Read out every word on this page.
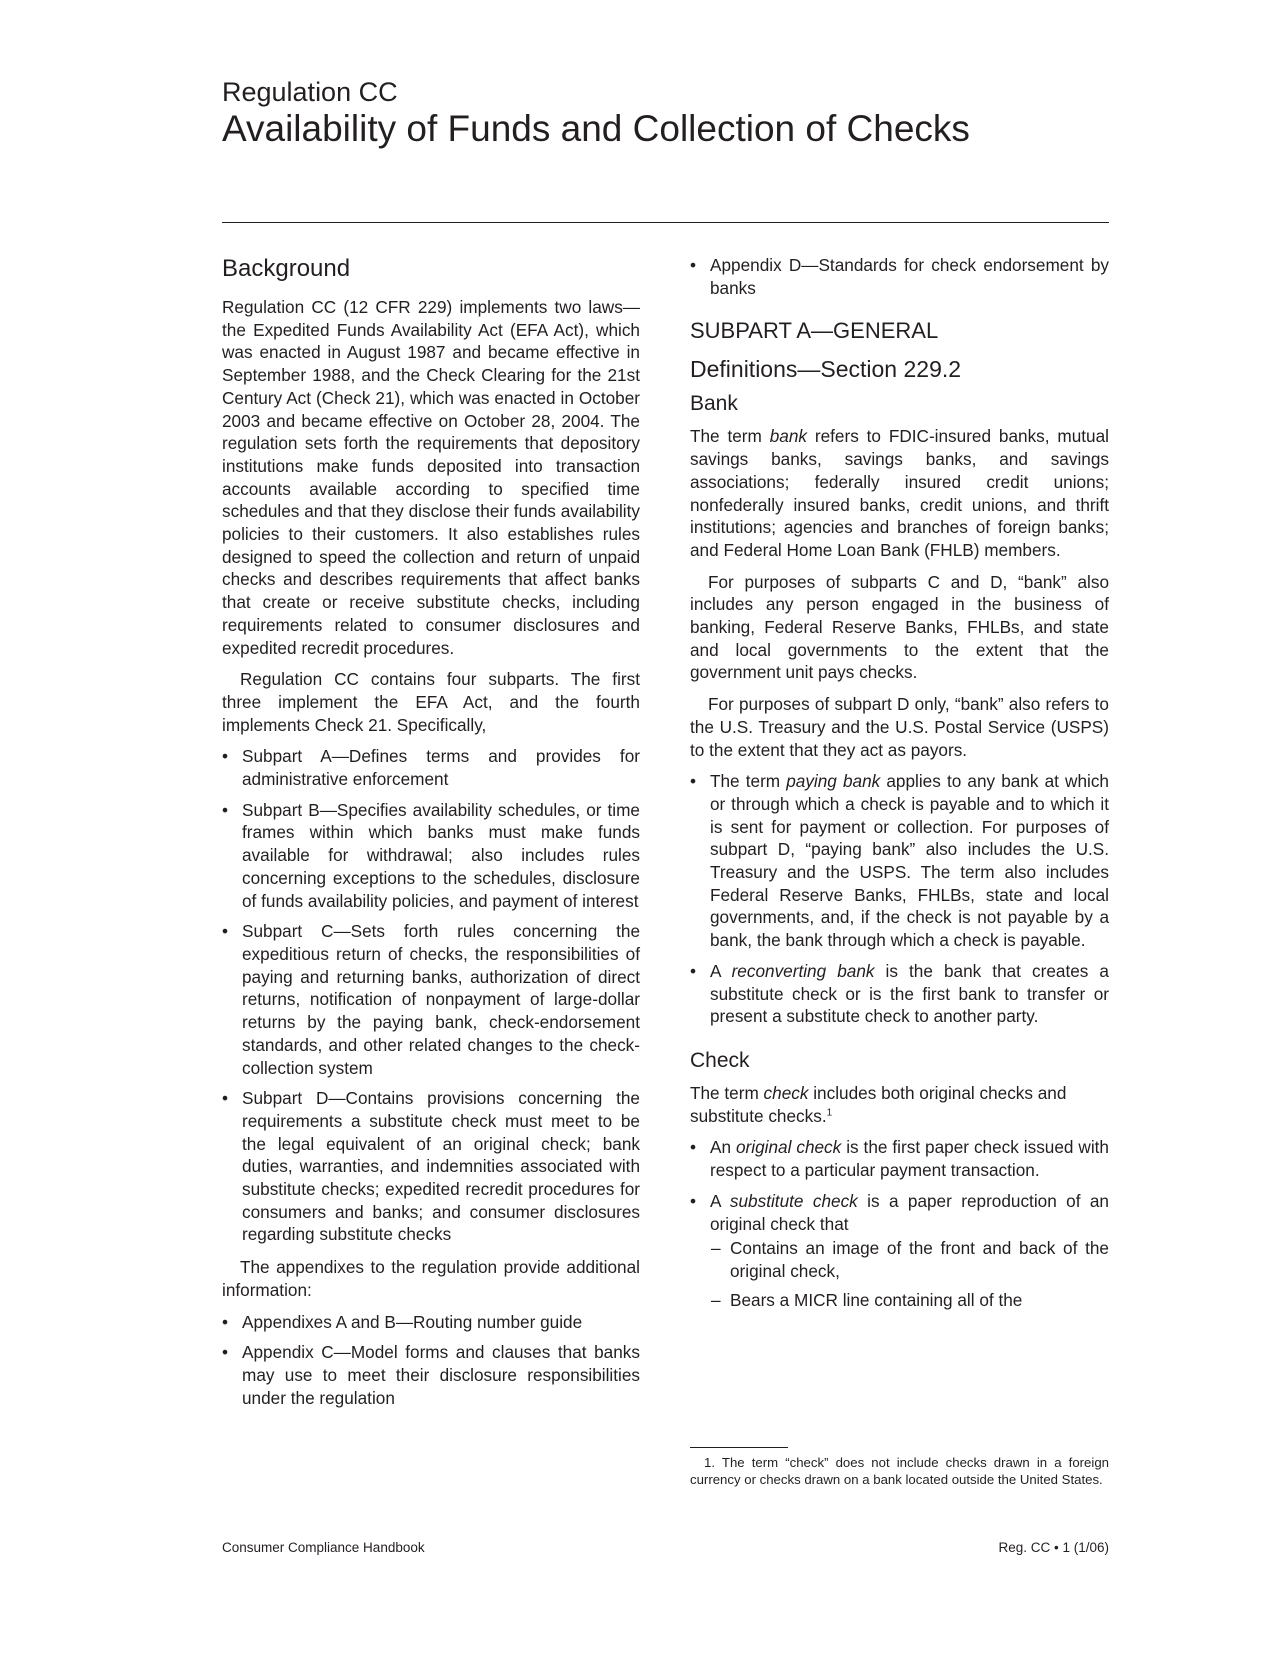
Regulation CC
Availability of Funds and Collection of Checks
Background

Regulation CC (12 CFR 229) implements two laws—the Expedited Funds Availability Act (EFA Act), which was enacted in August 1987 and became effective in September 1988, and the Check Clearing for the 21st Century Act (Check 21), which was enacted in October 2003 and became effective on October 28, 2004. The regulation sets forth the requirements that depository institutions make funds deposited into transaction accounts available according to specified time schedules and that they disclose their funds availability policies to their customers. It also establishes rules designed to speed the collection and return of unpaid checks and describes requirements that affect banks that create or receive substitute checks, including requirements related to consumer disclosures and expedited recredit procedures.

Regulation CC contains four subparts. The first three implement the EFA Act, and the fourth implements Check 21. Specifically,

• Subpart A—Defines terms and provides for administrative enforcement
• Subpart B—Specifies availability schedules, or time frames within which banks must make funds available for withdrawal; also includes rules concerning exceptions to the schedules, disclosure of funds availability policies, and payment of interest
• Subpart C—Sets forth rules concerning the expeditious return of checks, the responsibilities of paying and returning banks, authorization of direct returns, notification of nonpayment of large-dollar returns by the paying bank, check-endorsement standards, and other related changes to the check-collection system
• Subpart D—Contains provisions concerning the requirements a substitute check must meet to be the legal equivalent of an original check; bank duties, warranties, and indemnities associated with substitute checks; expedited recredit procedures for consumers and banks; and consumer disclosures regarding substitute checks

The appendixes to the regulation provide additional information:

• Appendixes A and B—Routing number guide
• Appendix C—Model forms and clauses that banks may use to meet their disclosure responsibilities under the regulation
• Appendix D—Standards for check endorsement by banks
SUBPART A—GENERAL
Definitions—Section 229.2
Bank

The term bank refers to FDIC-insured banks, mutual savings banks, savings banks, and savings associations; federally insured credit unions; nonfederally insured banks, credit unions, and thrift institutions; agencies and branches of foreign banks; and Federal Home Loan Bank (FHLB) members.

For purposes of subparts C and D, “bank” also includes any person engaged in the business of banking, Federal Reserve Banks, FHLBs, and state and local governments to the extent that the government unit pays checks.

For purposes of subpart D only, “bank” also refers to the U.S. Treasury and the U.S. Postal Service (USPS) to the extent that they act as payors.

• The term paying bank applies to any bank at which or through which a check is payable and to which it is sent for payment or collection. For purposes of subpart D, “paying bank” also includes the U.S. Treasury and the USPS. The term also includes Federal Reserve Banks, FHLBs, state and local governments, and, if the check is not payable by a bank, the bank through which a check is payable.
• A reconverting bank is the bank that creates a substitute check or is the first bank to transfer or present a substitute check to another party.
Check

The term check includes both original checks and substitute checks.$^1$

• An original check is the first paper check issued with respect to a particular payment transaction.
• A substitute check is a paper reproduction of an original check that
– Contains an image of the front and back of the original check,
– Bears a MICR line containing all of the
1. The term “check” does not include checks drawn in a foreign currency or checks drawn on a bank located outside the United States.
Consumer Compliance Handbook	Reg. CC • 1 (1/06)
